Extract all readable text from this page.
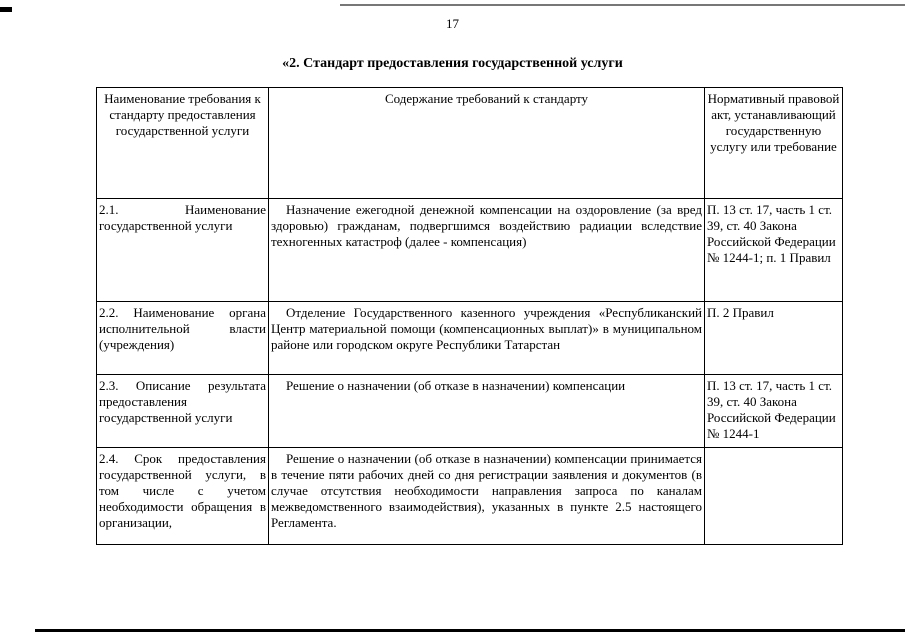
17
«2. Стандарт предоставления государственной услуги
Наименование требования к стандарту предоставления государственной услуги	Содержание требований к стандарту	Нормативный правовой акт, устанавливающий государственную услугу или требование
2.1. Наименование государственной услуги	Назначение ежегодной денежной компенсации на оздоровление (за вред здоровью) гражданам, подвергшимся воздействию радиации вследствие техногенных катастроф (далее - компенсация)	П. 13 ст. 17, часть 1 ст. 39, ст. 40 Закона Российской Федерации № 1244-1; п. 1 Правил
2.2. Наименование органа исполнительной власти (учреждения)	Отделение Государственного казенного учреждения «Республиканский Центр материальной помощи (компенсационных выплат)» в муниципальном районе или городском округе Республики Татарстан	П. 2 Правил
2.3. Описание результата предоставления государственной услуги	Решение о назначении (об отказе в назначении) компенсации	П. 13 ст. 17, часть 1 ст. 39, ст. 40 Закона Российской Федерации № 1244-1
2.4. Срок предоставления государственной услуги, в том числе с учетом необходимости обращения в организации,	Решение о назначении (об отказе в назначении) компенсации принимается в течение пяти рабочих дней со дня регистрации заявления и документов (в случае отсутствия необходимости направления запроса по каналам межведомственного взаимодействия), указанных в пункте 2.5 настоящего Регламента.	
